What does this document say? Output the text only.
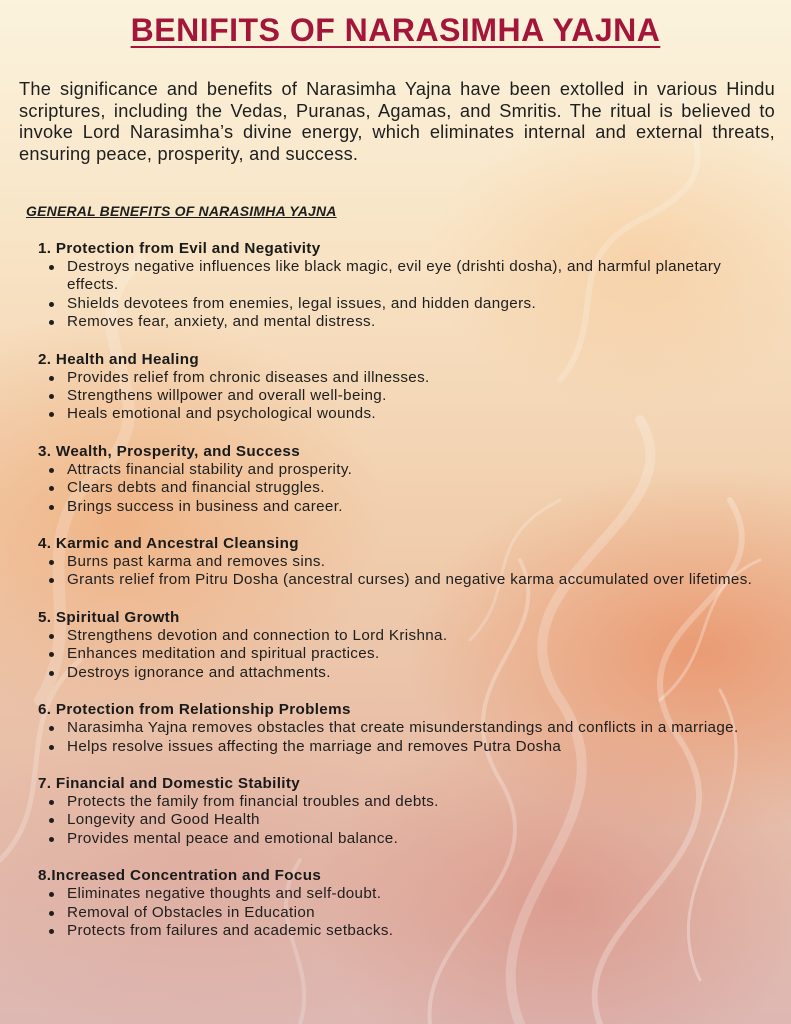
BENIFITS OF NARASIMHA YAJNA

The significance and benefits of Narasimha Yajna have been extolled in various Hindu scriptures, including the Vedas, Puranas, Agamas, and Smritis. The ritual is believed to invoke Lord Narasimha’s divine energy, which eliminates internal and external threats, ensuring peace, prosperity, and success.

GENERAL BENEFITS OF NARASIMHA YAJNA
1. Protection from Evil and Negativity
Destroys negative influences like black magic, evil eye (drishti dosha), and harmful planetary effects.
Shields devotees from enemies, legal issues, and hidden dangers.
Removes fear, anxiety, and mental distress.
2. Health and Healing
Provides relief from chronic diseases and illnesses.
Strengthens willpower and overall well-being.
Heals emotional and psychological wounds.
3. Wealth, Prosperity, and Success
Attracts financial stability and prosperity.
Clears debts and financial struggles.
Brings success in business and career.
4. Karmic and Ancestral Cleansing
Burns past karma and removes sins.
Grants relief from Pitru Dosha (ancestral curses) and negative karma accumulated over lifetimes.
5. Spiritual Growth
Strengthens devotion and connection to Lord Krishna.
Enhances meditation and spiritual practices.
Destroys ignorance and attachments.
6. Protection from Relationship Problems
Narasimha Yajna removes obstacles that create misunderstandings and conflicts in a marriage.
Helps resolve issues affecting the marriage and removes Putra Dosha
7. Financial and Domestic Stability
Protects the family from financial troubles and debts.
Longevity and Good Health
Provides mental peace and emotional balance.
8.Increased Concentration and Focus
Eliminates negative thoughts and self-doubt.
Removal of Obstacles in Education
Protects from failures and academic setbacks.
